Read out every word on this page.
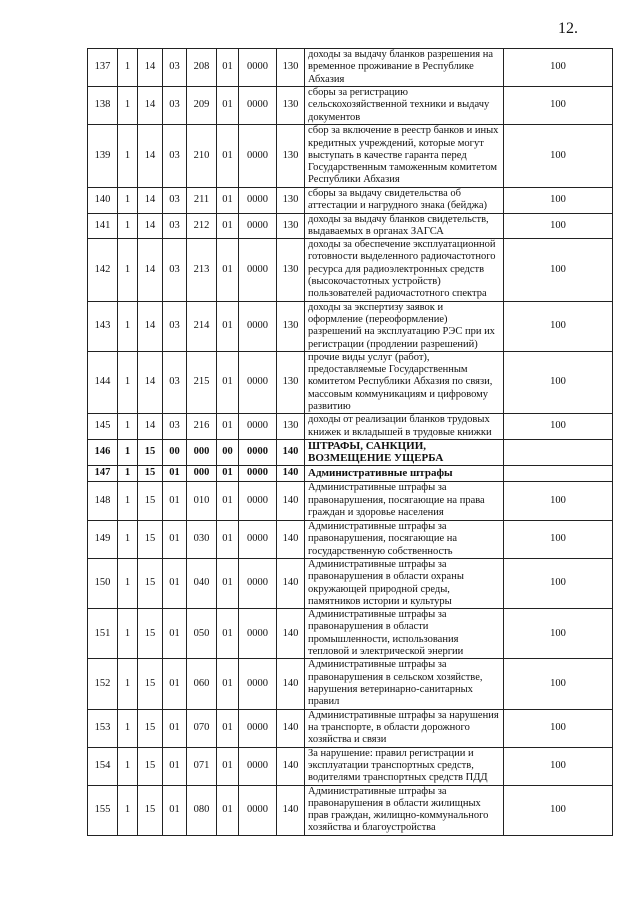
12.
137	1	14	03	208	01	0000	130	доходы за выдачу бланков разрешения на временное проживание в Республике Абхазия	100
138	1	14	03	209	01	0000	130	сборы за регистрацию сельскохозяйственной техники и выдачу документов	100
139	1	14	03	210	01	0000	130	сбор за включение в реестр банков и иных кредитных учреждений, которые могут выступать в качестве гаранта перед Государственным таможенным комитетом Республики Абхазия	100
140	1	14	03	211	01	0000	130	сборы за выдачу свидетельства об аттестации и нагрудного знака (бейджа)	100
141	1	14	03	212	01	0000	130	доходы за выдачу бланков свидетельств, выдаваемых в органах ЗАГСА	100
142	1	14	03	213	01	0000	130	доходы за обеспечение эксплуатационной готовности выделенного радиочастотного ресурса для радиоэлектронных средств (высокочастотных устройств) пользователей радиочастотного спектра	100
143	1	14	03	214	01	0000	130	доходы за экспертизу заявок и оформление (переоформление) разрешений на эксплуатацию РЭС при их регистрации (продлении разрешений)	100
144	1	14	03	215	01	0000	130	прочие виды услуг (работ), предоставляемые Государственным комитетом Республики Абхазия по связи, массовым коммуникациям и цифровому развитию	100
145	1	14	03	216	01	0000	130	доходы от реализации бланков трудовых книжек и вкладышей в трудовые книжки	100
146	1	15	00	000	00	0000	140	ШТРАФЫ, САНКЦИИ, ВОЗМЕЩЕНИЕ УЩЕРБА	
147	1	15	01	000	01	0000	140	Административные штрафы	
148	1	15	01	010	01	0000	140	Административные штрафы за правонарушения, посягающие на права граждан и здоровье населения	100
149	1	15	01	030	01	0000	140	Административные штрафы за правонарушения, посягающие на государственную собственность	100
150	1	15	01	040	01	0000	140	Административные штрафы за правонарушения в области охраны окружающей природной среды, памятников истории и культуры	100
151	1	15	01	050	01	0000	140	Административные штрафы за правонарушения в области промышленности, использования тепловой и электрической энергии	100
152	1	15	01	060	01	0000	140	Административные штрафы за правонарушения в сельском хозяйстве, нарушения ветеринарно-санитарных правил	100
153	1	15	01	070	01	0000	140	Административные штрафы за нарушения на транспорте, в области дорожного хозяйства и связи	100
154	1	15	01	071	01	0000	140	За нарушение: правил регистрации и эксплуатации транспортных средств, водителями транспортных средств ПДД	100
155	1	15	01	080	01	0000	140	Административные штрафы за правонарушения в области жилищных прав граждан, жилищно-коммунального хозяйства и благоустройства	100
